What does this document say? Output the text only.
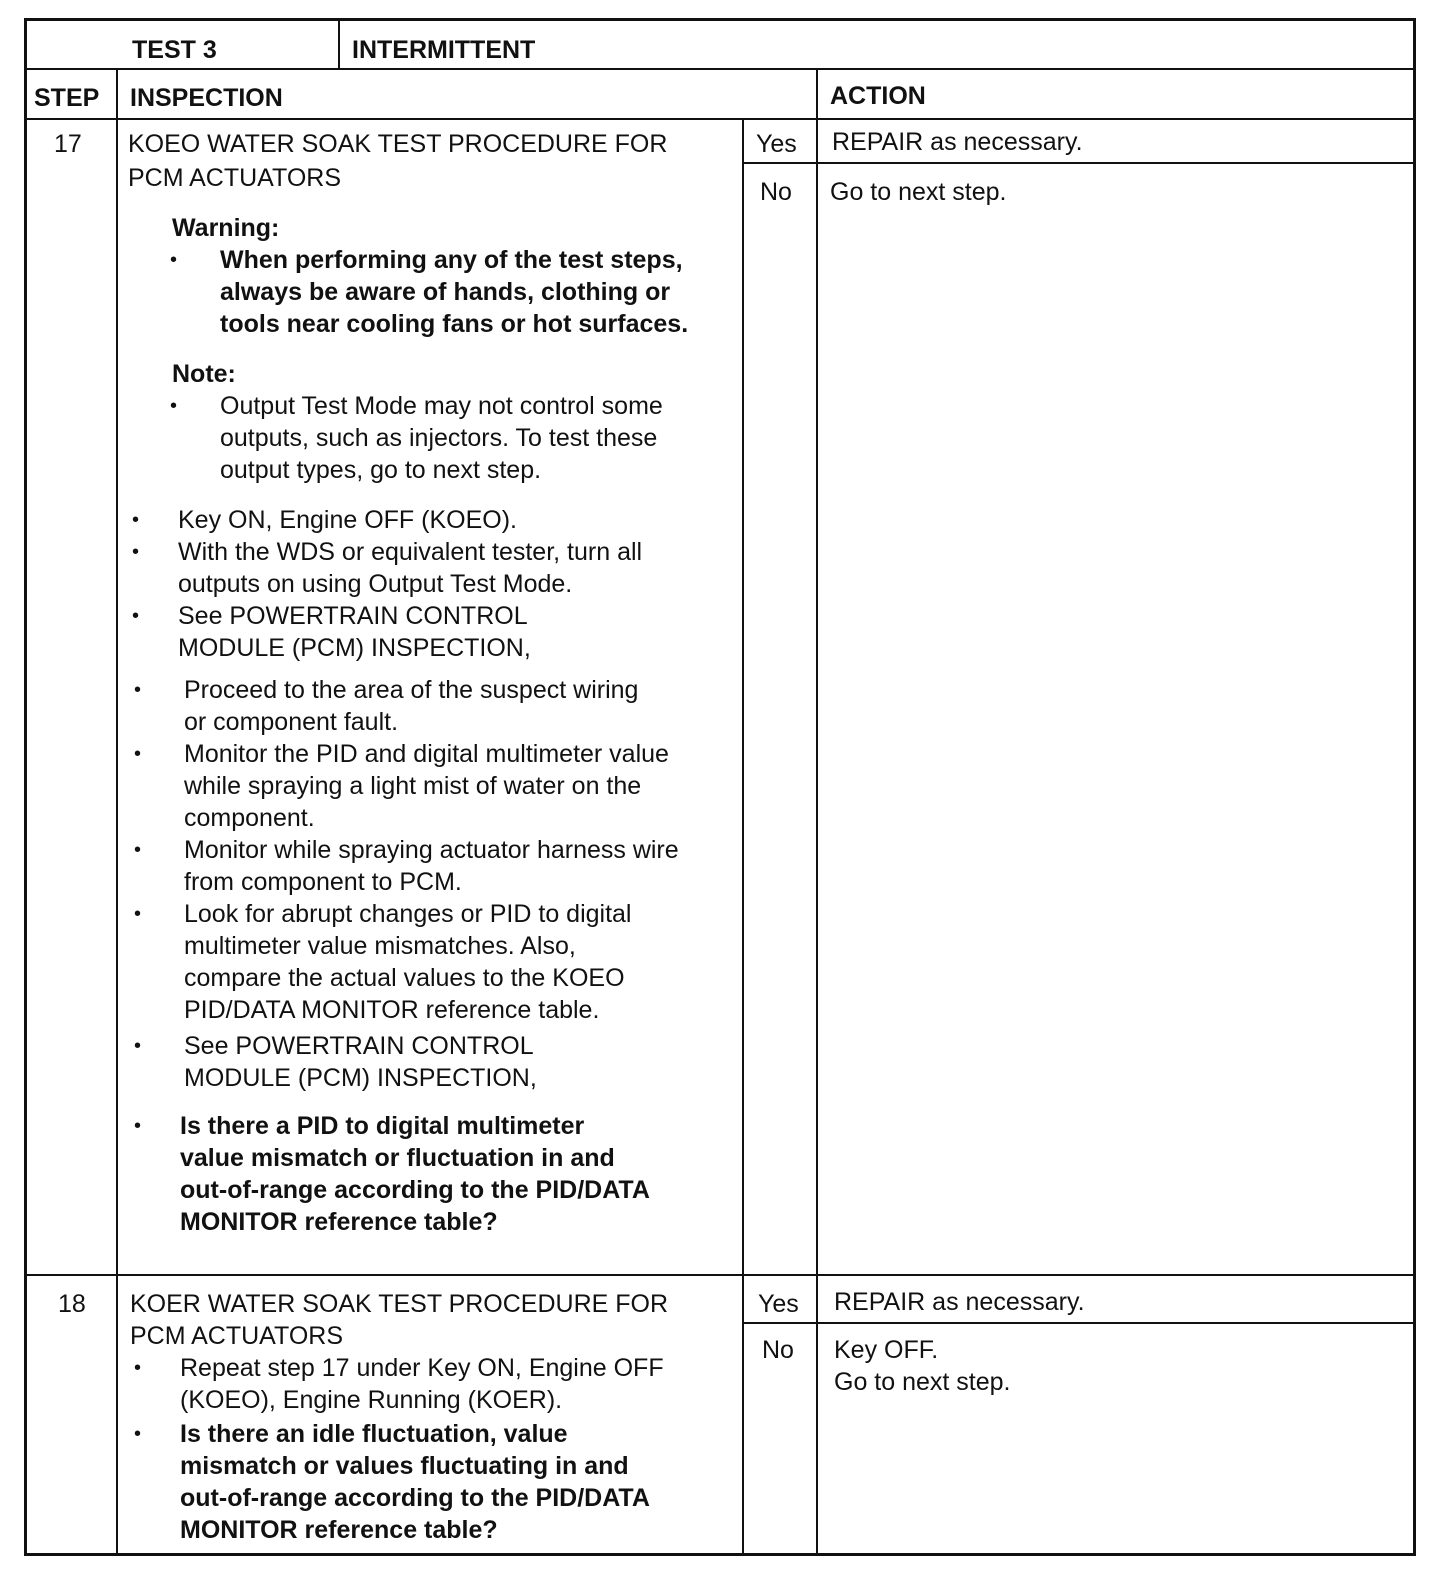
TEST 3	INTERMITTENT
STEP INSPECTION	ACTION
17 KOEO WATER SOAK TEST PROCEDURE FOR
PCM ACTUATORS
Warning:
• When performing any of the test steps,
always be aware of hands, clothing or
tools near cooling fans or hot surfaces.
Note:
• Output Test Mode may not control some
outputs, such as injectors. To test these
output types, go to next step.
• Key ON, Engine OFF (KOEO).
• With the WDS or equivalent tester, turn all
outputs on using Output Test Mode.
• See POWERTRAIN CONTROL
MODULE (PCM) INSPECTION,
• Proceed to the area of the suspect wiring
or component fault.
• Monitor the PID and digital multimeter value
while spraying a light mist of water on the
component.
• Monitor while spraying actuator harness wire
from component to PCM.
• Look for abrupt changes or PID to digital
multimeter value mismatches. Also,
compare the actual values to the KOEO
PID/DATA MONITOR reference table.
• See POWERTRAIN CONTROL
MODULE (PCM) INSPECTION,
• Is there a PID to digital multimeter
value mismatch or fluctuation in and
out-of-range according to the PID/DATA
MONITOR reference table?
Yes REPAIR as necessary.
No Go to next step.
18 KOER WATER SOAK TEST PROCEDURE FOR
PCM ACTUATORS
• Repeat step 17 under Key ON, Engine OFF
(KOEO), Engine Running (KOER).
• Is there an idle fluctuation, value
mismatch or values fluctuating in and
out-of-range according to the PID/DATA
MONITOR reference table?
Yes REPAIR as necessary.
No Key OFF.
Go to next step.
